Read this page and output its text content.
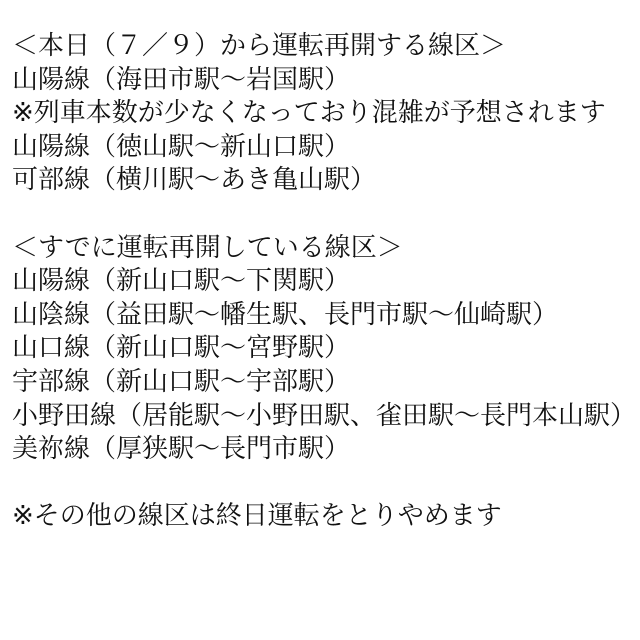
＜本日（７／９）から運転再開する線区＞
山陽線（海田市駅〜岩国駅）
※列車本数が少なくなっており混雑が予想されます
山陽線（徳山駅〜新山口駅）
可部線（横川駅〜あき亀山駅）
＜すでに運転再開している線区＞
山陽線（新山口駅〜下関駅）
山陰線（益田駅〜幡生駅、長門市駅〜仙崎駅）
山口線（新山口駅〜宮野駅）
宇部線（新山口駅〜宇部駅）
小野田線（居能駅〜小野田駅、雀田駅〜長門本山駅）
美祢線（厚狭駅〜長門市駅）
※その他の線区は終日運転をとりやめます
